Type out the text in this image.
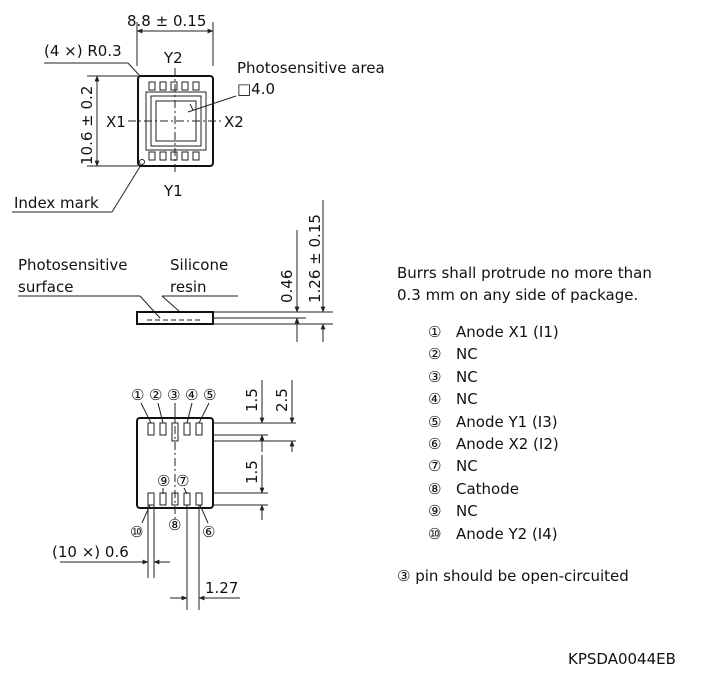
8.8 ± 0.15
(4 ×) R0.3
10.6 ± 0.2
Y2
Y1
X1	X2
Photosensitive area
□4.0
Index mark
Photosensitive
surface
Silicone
resin	0.46 1.26 ± 0.15
① ② ③ ④ ⑤
⑨ ⑦
⑩ ⑧ ⑥
1.5 2.5
1.5
(10 ×) 0.6
1.27
Burrs shall protrude no more than
0.3 mm on any side of package.
① Anode X1 (I1)
② NC
③ NC
④ NC
⑤ Anode Y1 (I3)
⑥ Anode X2 (I2)
⑦ NC
⑧ Cathode
⑨ NC
⑩ Anode Y2 (I4)
③ pin should be open-circuited
KPSDA0044EB
